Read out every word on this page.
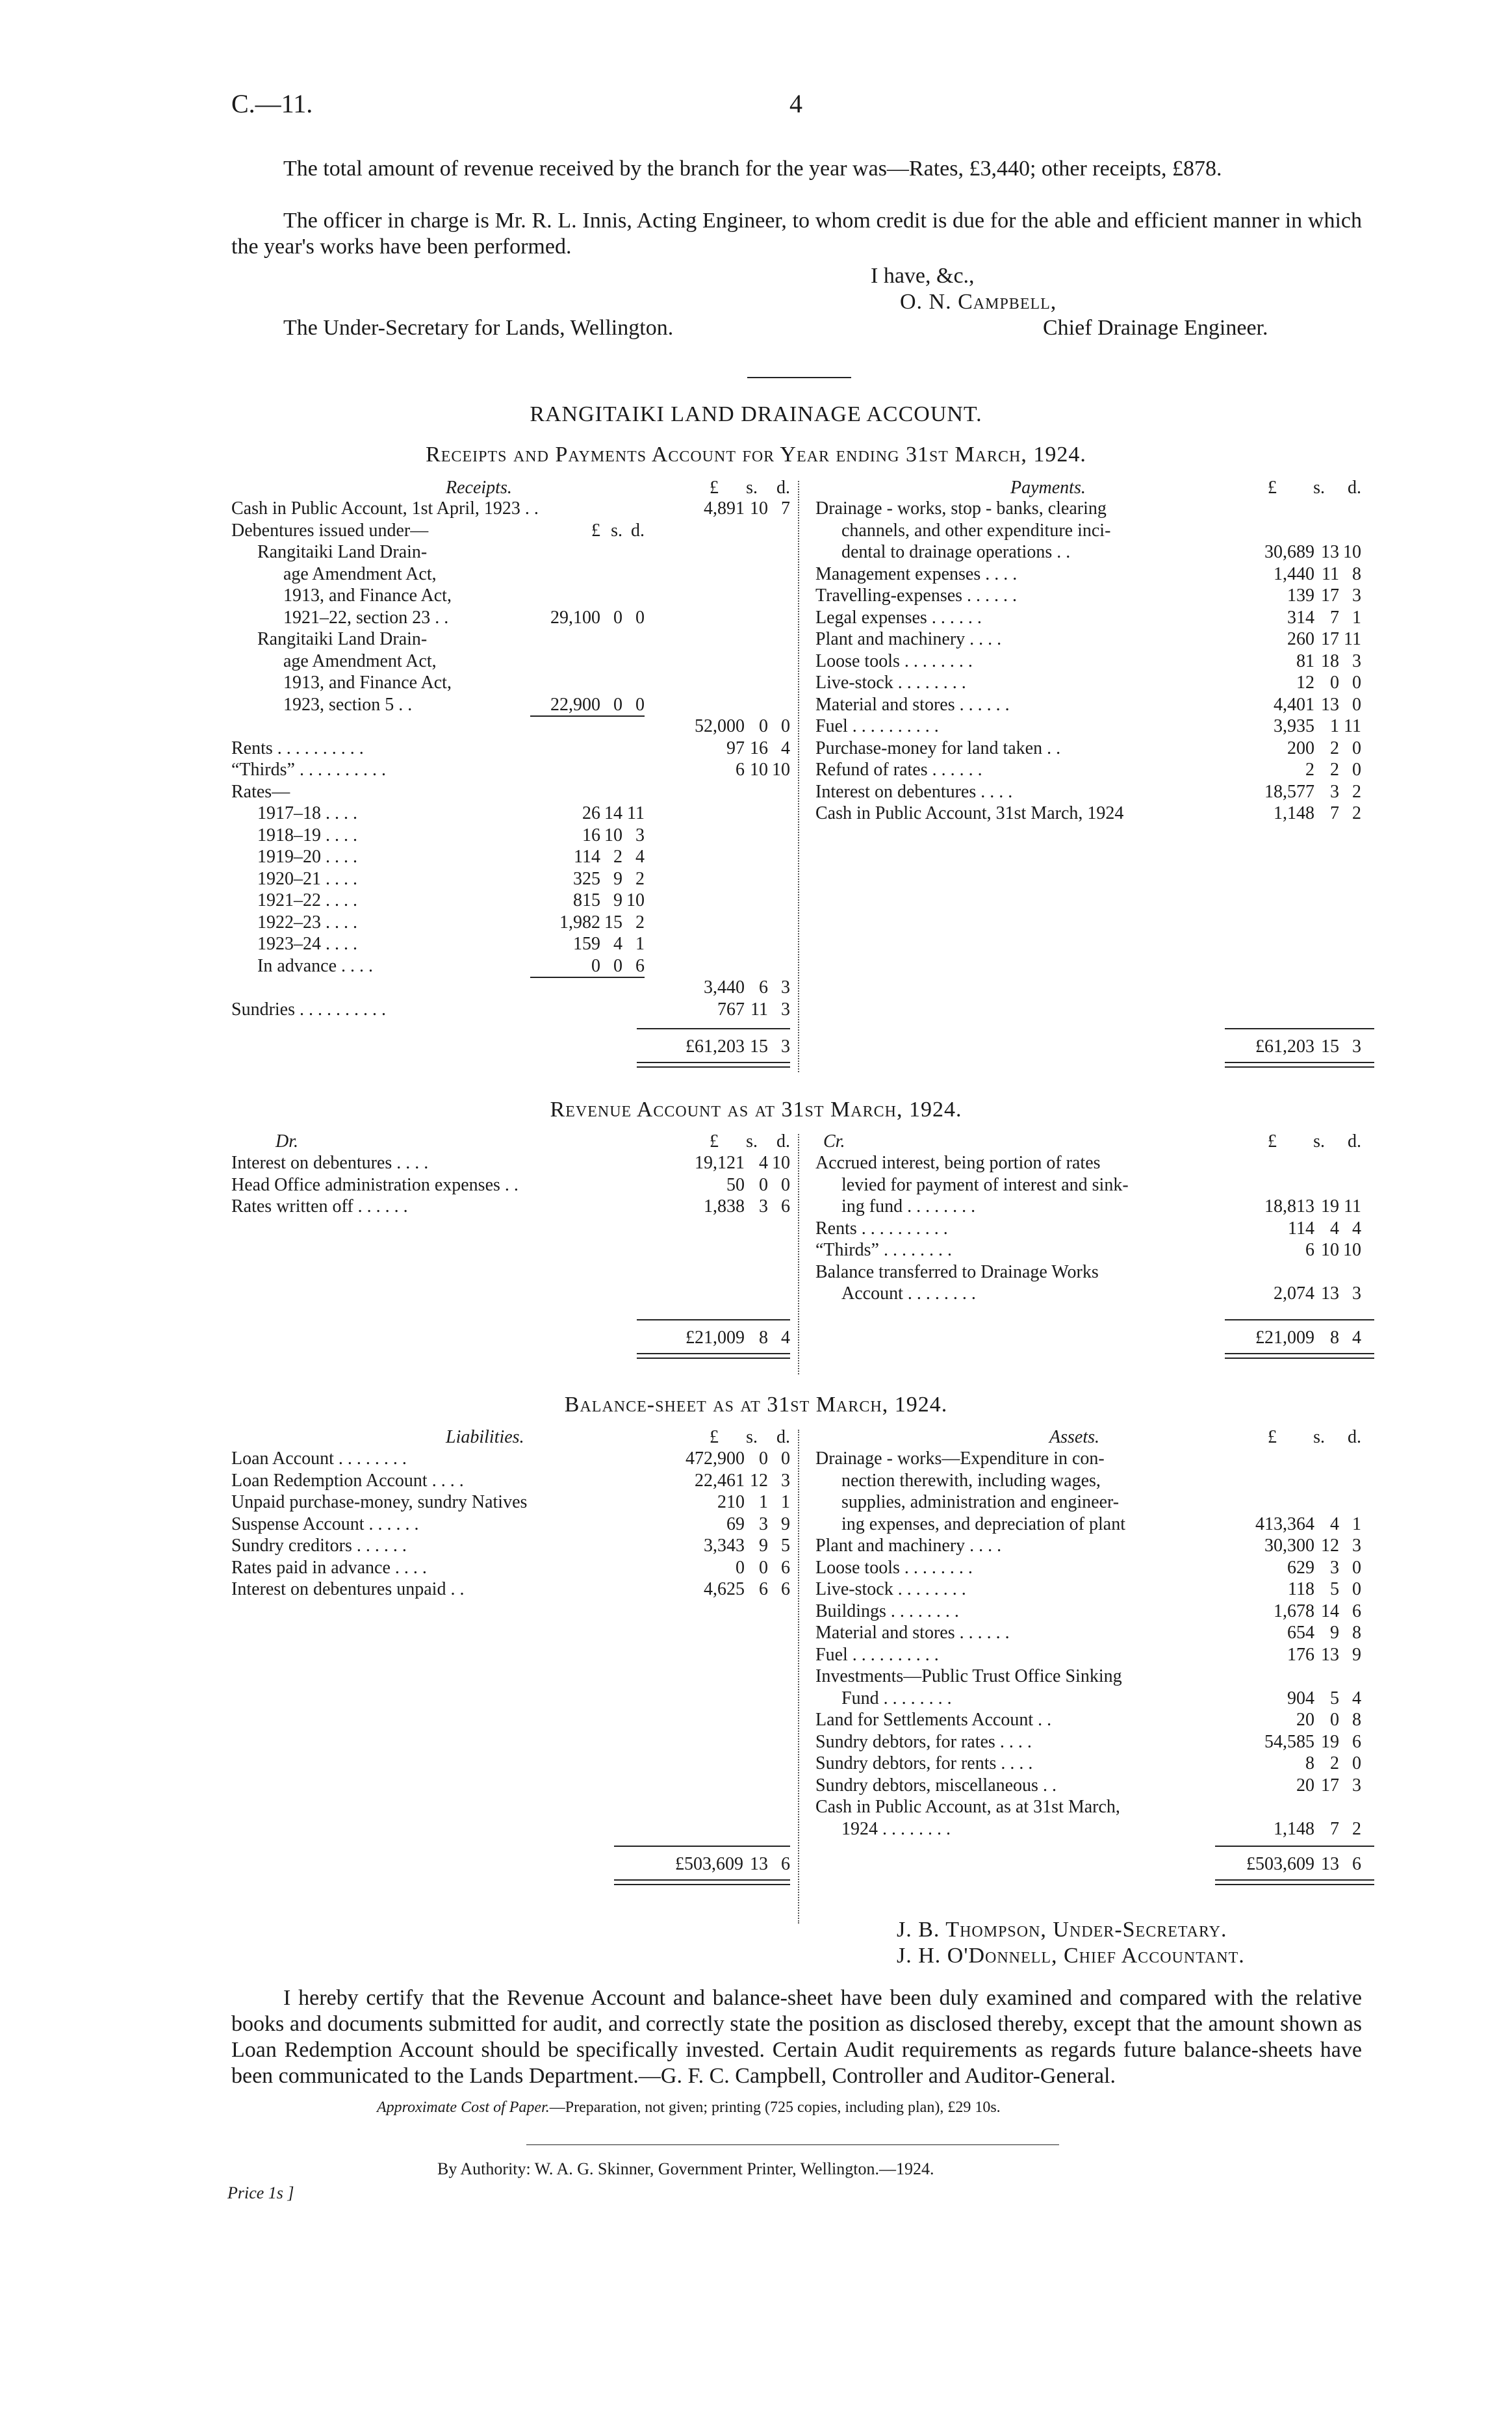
C.—11.	4
The total amount of revenue received by the branch for the year was—Rates, £3,440; other receipts, £878.
The officer in charge is Mr. R. L. Innis, Acting Engineer, to whom credit is due for the able and efficient manner in which the year's works have been performed.
I have, &c.,
O. N. Campbell,
The Under-Secretary for Lands, Wellington.	Chief Drainage Engineer.
RANGITAIKI LAND DRAINAGE ACCOUNT.
Receipts and Payments Account for Year ending 31st March, 1924.
Receipts.	£ s. d.
Cash in Public Account, 1st April, 1923 . .	4,891 10 7
Debentures issued under—	£ s. d.
Rangitaiki Land Drain-
age Amendment Act,
1913, and Finance Act,
1921–22, section 23 . .	29,100 0 0
Rangitaiki Land Drain-
age Amendment Act,
1913, and Finance Act,
1923, section 5 . .	22,900 0 0
52,000 0 0
Rents . . . . . . . . . .	97 16 4
“Thirds” . . . . . . . . . .	6 10 10
Rates—
1917–18 . . . .	26 14 11
1918–19 . . . .	16 10 3
1919–20 . . . .	114 2 4
1920–21 . . . .	325 9 2
1921–22 . . . .	815 9 10
1922–23 . . . .	1,982 15 2
1923–24 . . . .	159 4 1
In advance . . . .	0 0 6
3,440 6 3
Sundries . . . . . . . . . .	767 11 3
£61,203 15 3
Payments.	£ s. d.
Drainage - works, stop - banks, clearing
channels, and other expenditure inci-
dental to drainage operations . .	30,689 13 10
Management expenses . . . .	1,440 11 8
Travelling-expenses . . . . . .	139 17 3
Legal expenses . . . . . .	314 7 1
Plant and machinery . . . .	260 17 11
Loose tools . . . . . . . .	81 18 3
Live-stock . . . . . . . .	12 0 0
Material and stores . . . . . .	4,401 13 0
Fuel . . . . . . . . . .	3,935 1 11
Purchase-money for land taken . .	200 2 0
Refund of rates . . . . . .	2 2 0
Interest on debentures . . . .	18,577 3 2
Cash in Public Account, 31st March, 1924	1,148 7 2
£61,203 15 3
Revenue Account as at 31st March, 1924.
Dr.	£ s. d.
Interest on debentures . . . .	19,121 4 10
Head Office administration expenses . .	50 0 0
Rates written off . . . . . .	1,838 3 6
£21,009 8 4
Cr.	£ s. d.
Accrued interest, being portion of rates
levied for payment of interest and sink-
ing fund . . . . . . . .	18,813 19 11
Rents . . . . . . . . . .	114 4 4
“Thirds” . . . . . . . .	6 10 10
Balance transferred to Drainage Works
Account . . . . . . . .	2,074 13 3
£21,009 8 4
Balance-sheet as at 31st March, 1924.
Liabilities.	£ s. d.
Loan Account . . . . . . . .	472,900 0 0
Loan Redemption Account . . . .	22,461 12 3
Unpaid purchase-money, sundry Natives	210 1 1
Suspense Account . . . . . .	69 3 9
Sundry creditors . . . . . .	3,343 9 5
Rates paid in advance . . . .	0 0 6
Interest on debentures unpaid . .	4,625 6 6
Assets.	£ s. d.
Drainage - works—Expenditure in con-
nection therewith, including wages,
supplies, administration and engineer-
ing expenses, and depreciation of plant	413,364 4 1
Plant and machinery . . . .	30,300 12 3
Loose tools . . . . . . . .	629 3 0
Live-stock . . . . . . . .	118 5 0
Buildings . . . . . . . .	1,678 14 6
Material and stores . . . . . .	654 9 8
Fuel . . . . . . . . . .	176 13 9
Investments—Public Trust Office Sinking
Fund . . . . . . . .	904 5 4
Land for Settlements Account . .	20 0 8
Sundry debtors, for rates . . . .	54,585 19 6
Sundry debtors, for rents . . . .	8 2 0
Sundry debtors, miscellaneous . .	20 17 3
Cash in Public Account, as at 31st March,
1924 . . . . . . . .	1,148 7 2
£503,609 13 6	£503,609 13 6
J. B. Thompson, Under-Secretary.
J. H. O'Donnell, Chief Accountant.
I hereby certify that the Revenue Account and balance-sheet have been duly examined and compared with the relative books and documents submitted for audit, and correctly state the position as disclosed thereby, except that the amount shown as Loan Redemption Account should be specifically invested. Certain Audit requirements as regards future balance-sheets have been communicated to the Lands Department.—G. F. C. Campbell, Controller and Auditor-General.
Approximate Cost of Paper.—Preparation, not given; printing (725 copies, including plan), £29 10s.
By Authority: W. A. G. Skinner, Government Printer, Wellington.—1924.
Price 1s ]
